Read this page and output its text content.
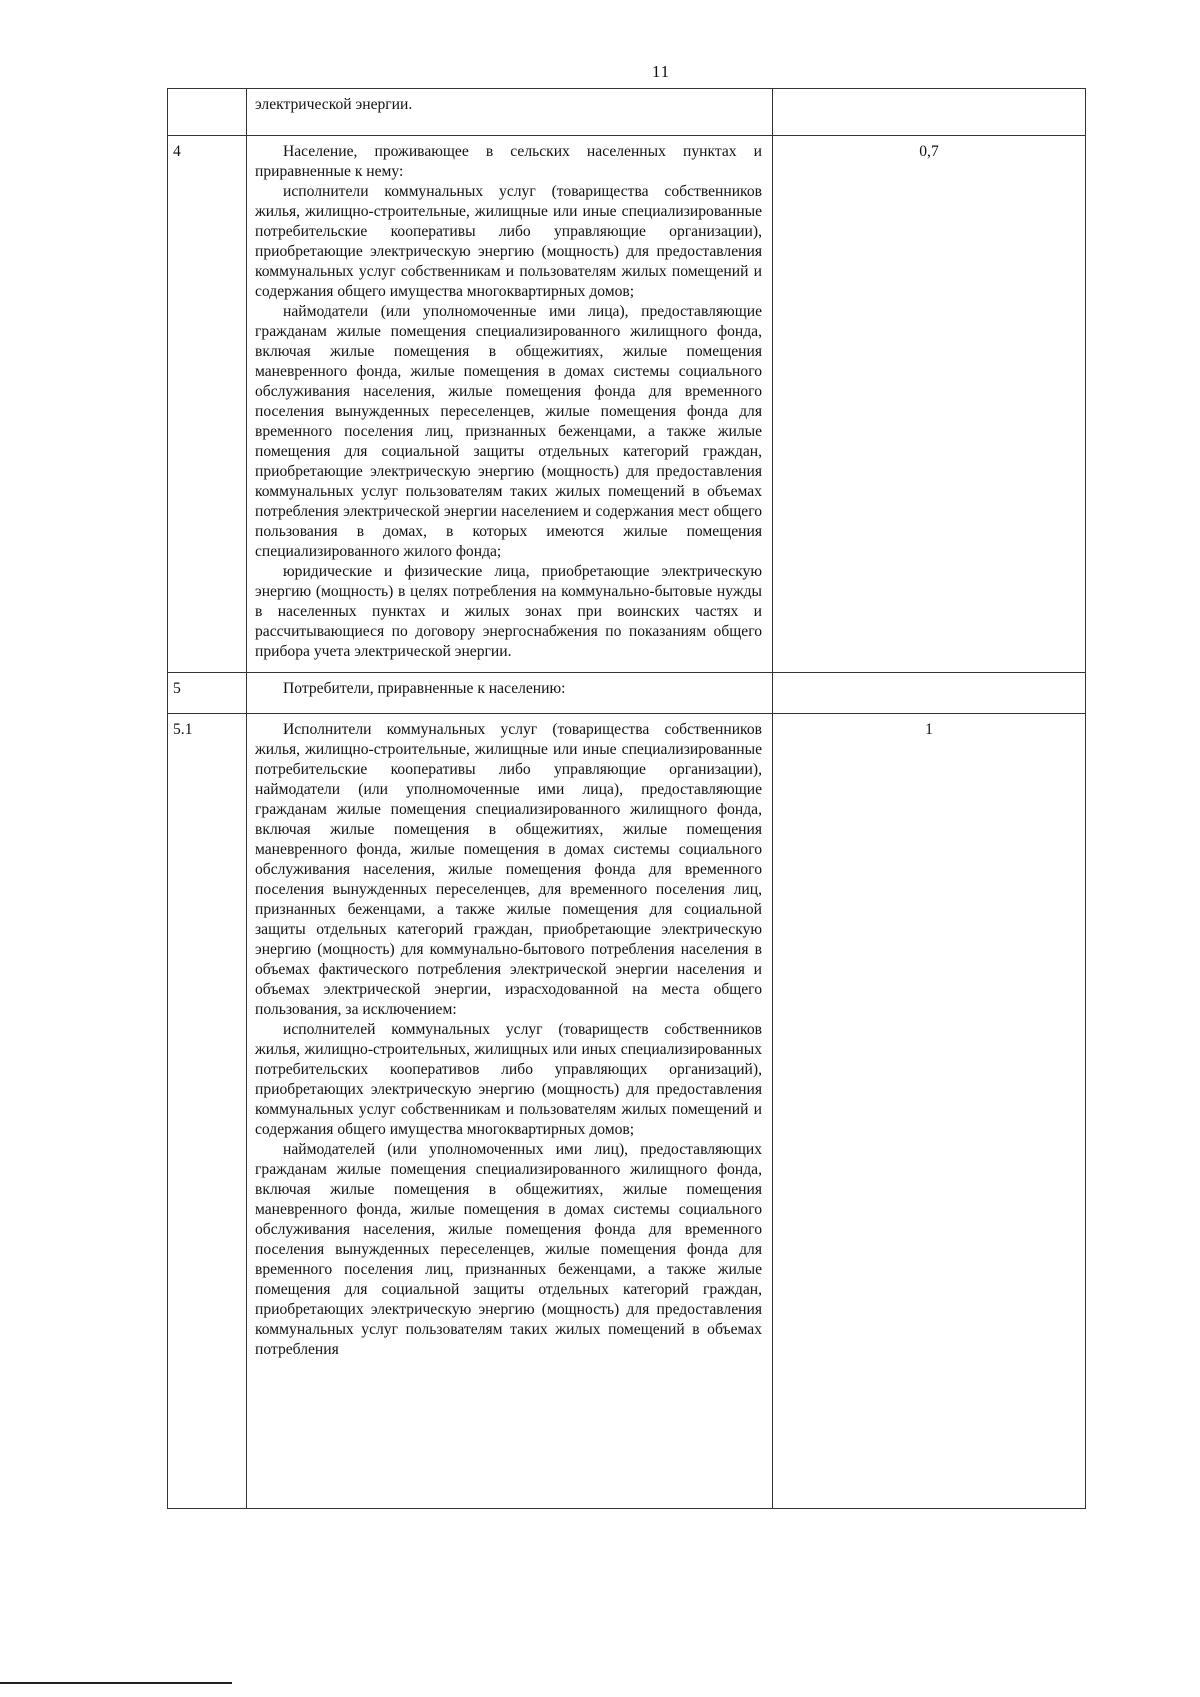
11

	электрической энергии.	

4	Население, проживающее в сельских населенных пунктах и приравненные к нему:

исполнители коммунальных услуг (товарищества собственников жилья, жилищно-строительные, жилищные или иные специализированные потребительские кооперативы либо управляющие организации), приобретающие электрическую энергию (мощность) для предоставления коммунальных услуг собственникам и пользователям жилых помещений и содержания общего имущества многоквартирных домов;

наймодатели (или уполномоченные ими лица), предоставляющие гражданам жилые помещения специализированного жилищного фонда, включая жилые помещения в общежитиях, жилые помещения маневренного фонда, жилые помещения в домах системы социального обслуживания населения, жилые помещения фонда для временного поселения вынужденных переселенцев, жилые помещения фонда для временного поселения лиц, признанных беженцами, а также жилые помещения для социальной защиты отдельных категорий граждан, приобретающие электрическую энергию (мощность) для предоставления коммунальных услуг пользователям таких жилых помещений в объемах потребления электрической энергии населением и содержания мест общего пользования в домах, в которых имеются жилые помещения специализированного жилого фонда;

юридические и физические лица, приобретающие электрическую энергию (мощность) в целях потребления на коммунально-бытовые нужды в населенных пунктах и жилых зонах при воинских частях и рассчитывающиеся по договору энергоснабжения по показаниям общего прибора учета электрической энергии.	0,7
5	Потребители, приравненные к населению:	

5.1	Исполнители коммунальных услуг (товарищества собственников жилья, жилищно-строительные, жилищные или иные специализированные потребительские кооперативы либо управляющие организации), наймодатели (или уполномоченные ими лица), предоставляющие гражданам жилые помещения специализированного жилищного фонда, включая жилые помещения в общежитиях, жилые помещения маневренного фонда, жилые помещения в домах системы социального обслуживания населения, жилые помещения фонда для временного поселения вынужденных переселенцев, для временного поселения лиц, признанных беженцами, а также жилые помещения для социальной защиты отдельных категорий граждан, приобретающие электрическую энергию (мощность) для коммунально-бытового потребления населения в объемах фактического потребления электрической энергии населения и объемах электрической энергии, израсходованной на места общего пользования, за исключением:

исполнителей коммунальных услуг (товариществ собственников жилья, жилищно-строительных, жилищных или иных специализированных потребительских кооперативов либо управляющих организаций), приобретающих электрическую энергию (мощность) для предоставления коммунальных услуг собственникам и пользователям жилых помещений и содержания общего имущества многоквартирных домов;

наймодателей (или уполномоченных ими лиц), предоставляющих гражданам жилые помещения специализированного жилищного фонда, включая жилые помещения в общежитиях, жилые помещения маневренного фонда, жилые помещения в домах системы социального обслуживания населения, жилые помещения фонда для временного поселения вынужденных переселенцев, жилые помещения фонда для временного поселения лиц, признанных беженцами, а также жилые помещения для социальной защиты отдельных категорий граждан, приобретающих электрическую энергию (мощность) для предоставления коммунальных услуг пользователям таких жилых помещений в объемах потребления	1
